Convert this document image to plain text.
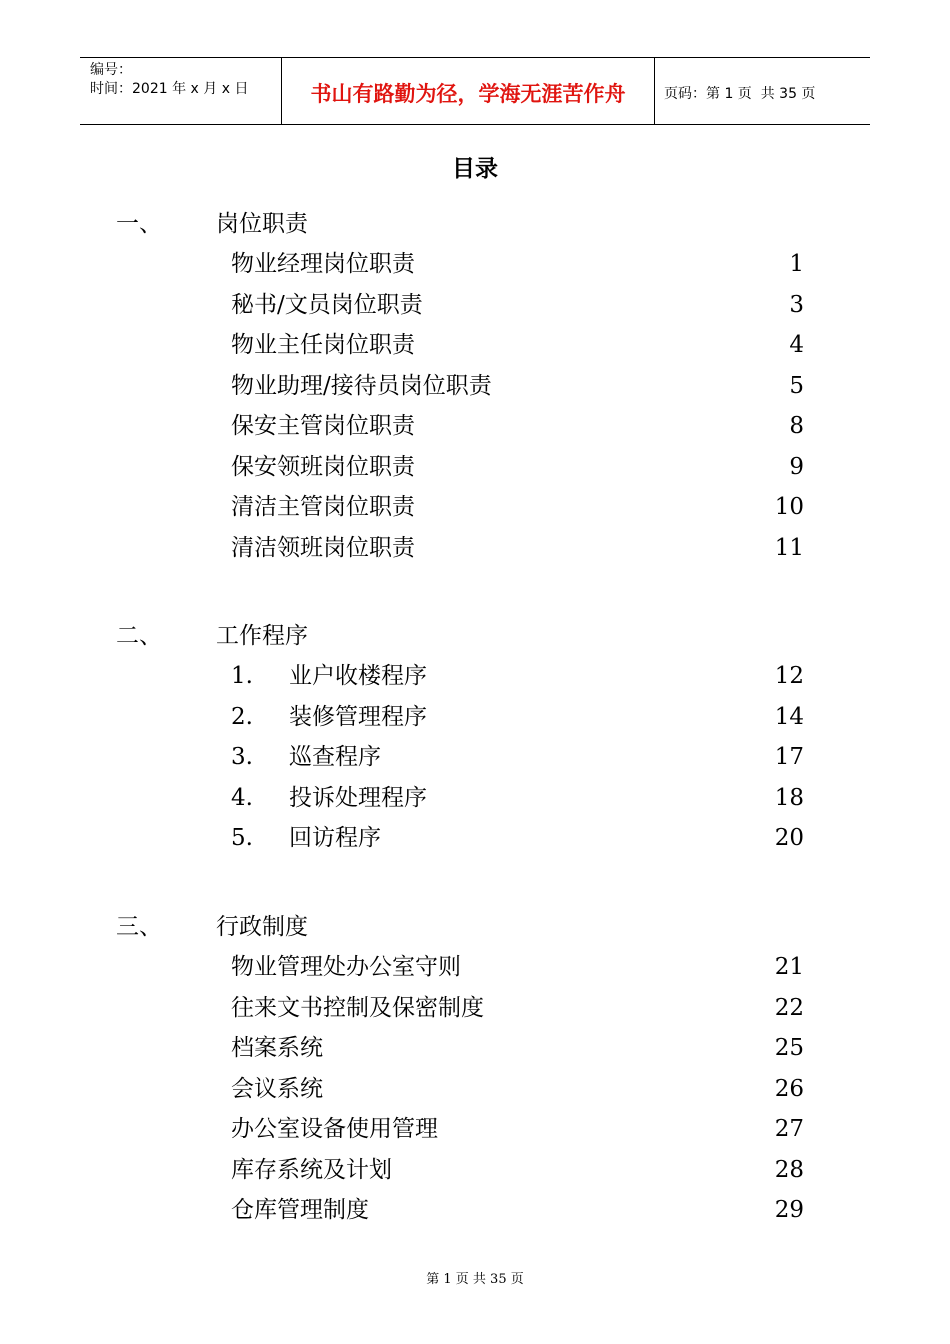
编号：
时间：2021 年 x 月 x 日	书山有路勤为径，学海无涯苦作舟	页码：第 1 页  共 35 页
目录
一、 岗位职责
物业经理岗位职责	1
秘书/文员岗位职责	3
物业主任岗位职责	4
物业助理/接待员岗位职责	5
保安主管岗位职责	8
保安领班岗位职责	9
清洁主管岗位职责	10
清洁领班岗位职责	11
二、 工作程序
1. 业户收楼程序	12
2. 装修管理程序	14
3. 巡查程序	17
4. 投诉处理程序	18
5. 回访程序	20
三、 行政制度
物业管理处办公室守则	21
往来文书控制及保密制度	22
档案系统	25
会议系统	26
办公室设备使用管理	27
库存系统及计划	28
仓库管理制度	29
第 1 页 共 35 页
